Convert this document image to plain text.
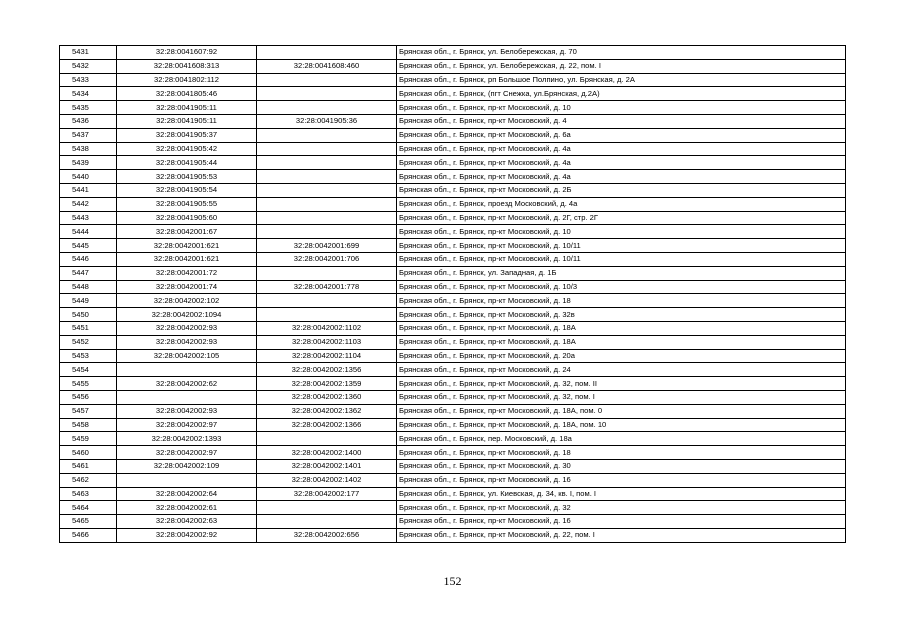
5431	32:28:0041607:92		Брянская обл., г. Брянск, ул. Белобережская, д. 70
5432	32:28:0041608:313	32:28:0041608:460	Брянская обл., г. Брянск, ул. Белобережская, д. 22, пом. I
5433	32:28:0041802:112		Брянская обл., г. Брянск, рп Большое Полпино, ул. Брянская, д. 2А
5434	32:28:0041805:46		Брянская обл., г. Брянск, (пгт Снежка, ул.Брянская, д.2А)
5435	32:28:0041905:11		Брянская обл., г. Брянск, пр-кт Московский, д. 10
5436	32:28:0041905:11	32:28:0041905:36	Брянская обл., г. Брянск, пр-кт Московский, д. 4
5437	32:28:0041905:37		Брянская обл., г. Брянск, пр-кт Московский, д. 6а
5438	32:28:0041905:42		Брянская обл., г. Брянск, пр-кт Московский, д. 4а
5439	32:28:0041905:44		Брянская обл., г. Брянск, пр-кт Московский, д. 4а
5440	32:28:0041905:53		Брянская обл., г. Брянск, пр-кт Московский, д. 4а
5441	32:28:0041905:54		Брянская обл., г. Брянск, пр-кт Московский, д. 2Б
5442	32:28:0041905:55		Брянская обл., г. Брянск, проезд Московский, д. 4а
5443	32:28:0041905:60		Брянская обл., г. Брянск, пр-кт Московский, д. 2Г, стр. 2Г
5444	32:28:0042001:67		Брянская обл., г. Брянск, пр-кт Московский, д. 10
5445	32:28:0042001:621	32:28:0042001:699	Брянская обл., г. Брянск, пр-кт Московский, д. 10/11
5446	32:28:0042001:621	32:28:0042001:706	Брянская обл., г. Брянск, пр-кт Московский, д. 10/11
5447	32:28:0042001:72		Брянская обл., г. Брянск, ул. Западная, д. 1Б
5448	32:28:0042001:74	32:28:0042001:778	Брянская обл., г. Брянск, пр-кт Московский, д. 10/3
5449	32:28:0042002:102		Брянская обл., г. Брянск, пр-кт Московский, д. 18
5450	32:28:0042002:1094		Брянская обл., г. Брянск, пр-кт Московский, д. 32в
5451	32:28:0042002:93	32:28:0042002:1102	Брянская обл., г. Брянск, пр-кт Московский, д. 18А
5452	32:28:0042002:93	32:28:0042002:1103	Брянская обл., г. Брянск, пр-кт Московский, д. 18А
5453	32:28:0042002:105	32:28:0042002:1104	Брянская обл., г. Брянск, пр-кт Московский, д. 20а
5454		32:28:0042002:1356	Брянская обл., г. Брянск, пр-кт Московский, д. 24
5455	32:28:0042002:62	32:28:0042002:1359	Брянская обл., г. Брянск, пр-кт Московский, д. 32, пом. II
5456		32:28:0042002:1360	Брянская обл., г. Брянск, пр-кт Московский, д. 32, пом. I
5457	32:28:0042002:93	32:28:0042002:1362	Брянская обл., г. Брянск, пр-кт Московский, д. 18А, пом. 0
5458	32:28:0042002:97	32:28:0042002:1366	Брянская обл., г. Брянск, пр-кт Московский, д. 18А, пом. 10
5459	32:28:0042002:1393		Брянская обл., г. Брянск, пер. Московский, д. 18а
5460	32:28:0042002:97	32:28:0042002:1400	Брянская обл., г. Брянск, пр-кт Московский, д. 18
5461	32:28:0042002:109	32:28:0042002:1401	Брянская обл., г. Брянск, пр-кт Московский, д. 30
5462		32:28:0042002:1402	Брянская обл., г. Брянск, пр-кт Московский, д. 16
5463	32:28:0042002:64	32:28:0042002:177	Брянская обл., г. Брянск, ул. Киевская, д. 34, кв. I, пом. I
5464	32:28:0042002:61		Брянская обл., г. Брянск, пр-кт Московский, д. 32
5465	32:28:0042002:63		Брянская обл., г. Брянск, пр-кт Московский, д. 16
5466	32:28:0042002:92	32:28:0042002:656	Брянская обл., г. Брянск, пр-кт Московский, д. 22, пом. I
152
